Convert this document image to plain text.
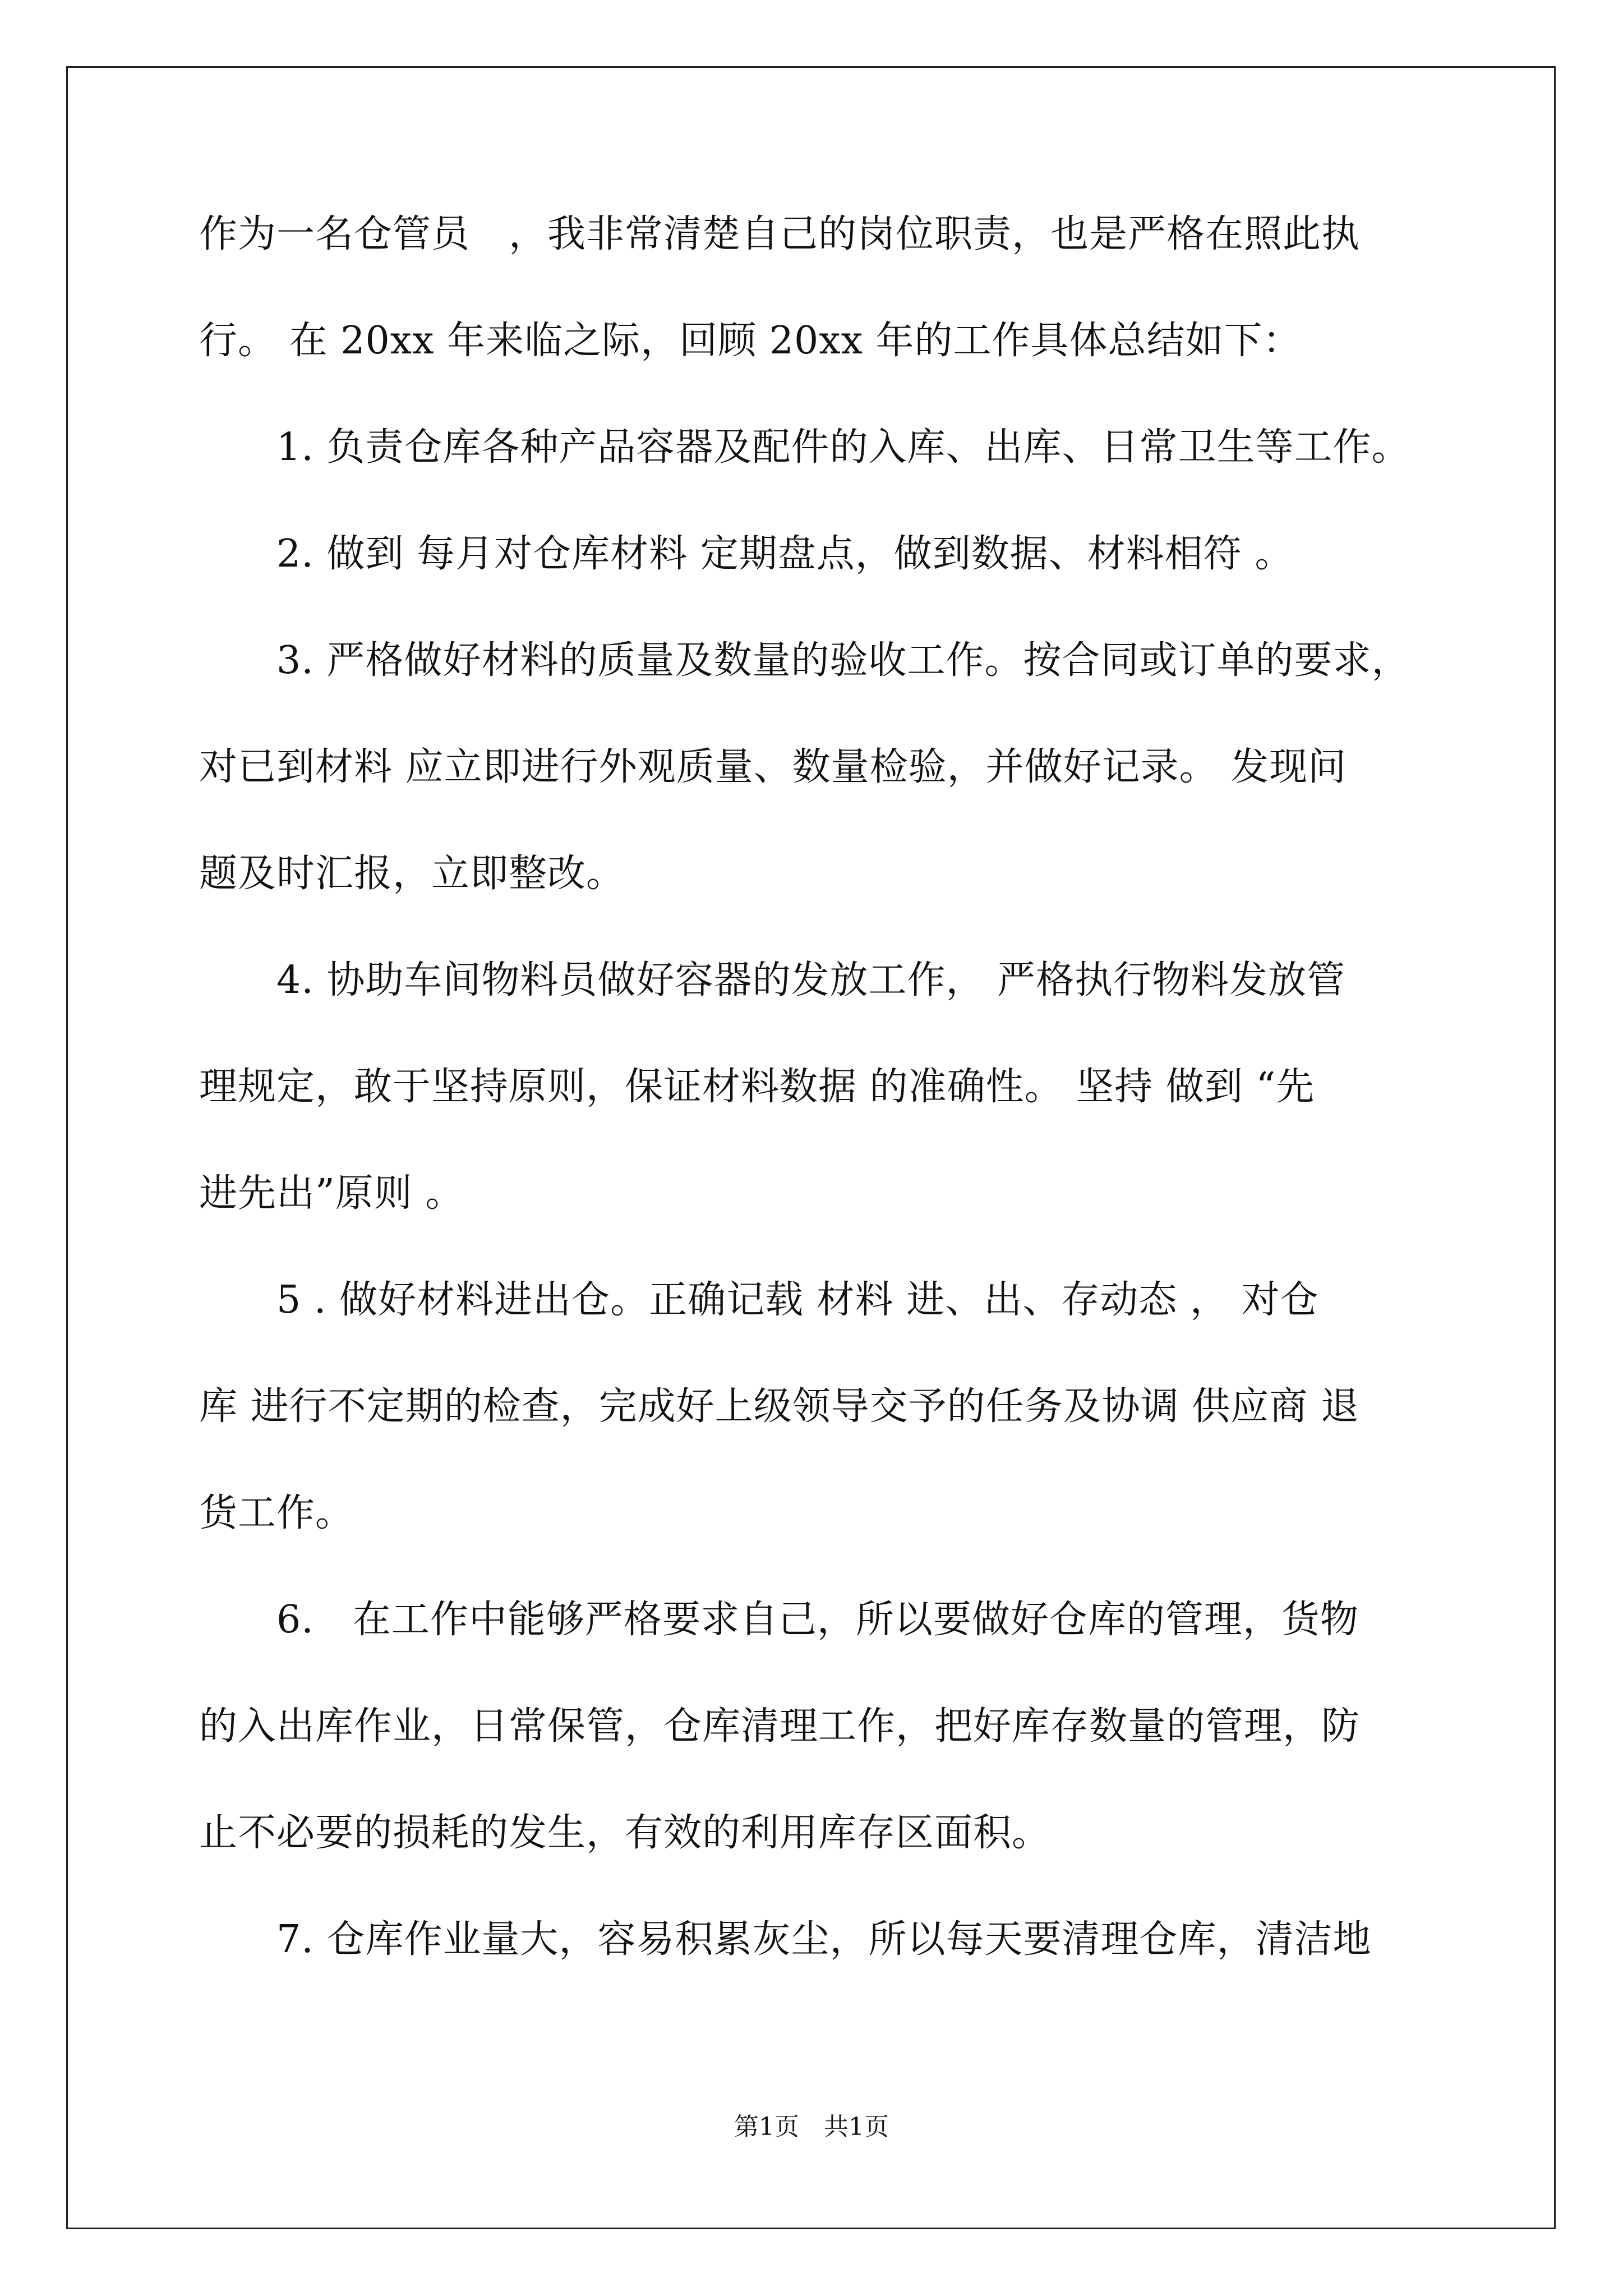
作为一名仓管员　，我非常清楚自己的岗位职责，也是严格在照此执
行。 在 20xx 年来临之际，回顾 20xx 年的工作具体总结如下：
　　1. 负责仓库各种产品容器及配件的入库、出库、日常卫生等工作。
　　2. 做到 每月对仓库材料 定期盘点，做到数据、材料相符 。
　　3. 严格做好材料的质量及数量的验收工作。按合同或订单的要求，
对已到材料 应立即进行外观质量、数量检验，并做好记录。 发现问
题及时汇报，立即整改。
　　4. 协助车间物料员做好容器的发放工作， 严格执行物料发放管
理规定，敢于坚持原则，保证材料数据 的准确性。 坚持 做到 “先
进先出”原则 。
　　5 . 做好材料进出仓。正确记载 材料 进、出、存动态 ， 对仓
库 进行不定期的检查，完成好上级领导交予的任务及协调 供应商 退
货工作。
　　6.　在工作中能够严格要求自己，所以要做好仓库的管理，货物
的入出库作业，日常保管，仓库清理工作，把好库存数量的管理，防
止不必要的损耗的发生，有效的利用库存区面积。
　　7. 仓库作业量大，容易积累灰尘，所以每天要清理仓库，清洁地
第1页　共1页
